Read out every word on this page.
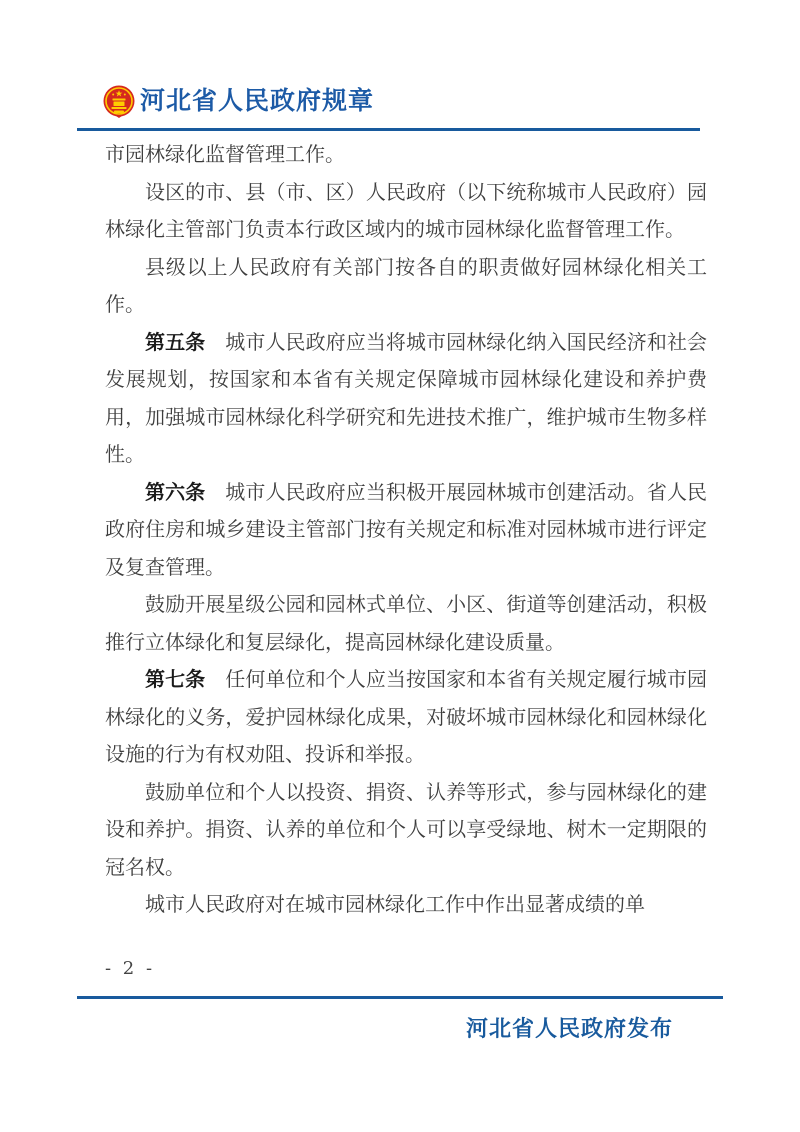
河北省人民政府规章

市园林绿化监督管理工作。

设区的市、县（市、区）人民政府（以下统称城市人民政府）园林绿化主管部门负责本行政区域内的城市园林绿化监督管理工作。

县级以上人民政府有关部门按各自的职责做好园林绿化相关工作。

第五条　城市人民政府应当将城市园林绿化纳入国民经济和社会发展规划，按国家和本省有关规定保障城市园林绿化建设和养护费用，加强城市园林绿化科学研究和先进技术推广，维护城市生物多样性。

第六条　城市人民政府应当积极开展园林城市创建活动。省人民政府住房和城乡建设主管部门按有关规定和标准对园林城市进行评定及复查管理。

鼓励开展星级公园和园林式单位、小区、街道等创建活动，积极推行立体绿化和复层绿化，提高园林绿化建设质量。

第七条　任何单位和个人应当按国家和本省有关规定履行城市园林绿化的义务，爱护园林绿化成果，对破坏城市园林绿化和园林绿化设施的行为有权劝阻、投诉和举报。

鼓励单位和个人以投资、捐资、认养等形式，参与园林绿化的建设和养护。捐资、认养的单位和个人可以享受绿地、树木一定期限的冠名权。

城市人民政府对在城市园林绿化工作中作出显著成绩的单

- 2 -
河北省人民政府发布
